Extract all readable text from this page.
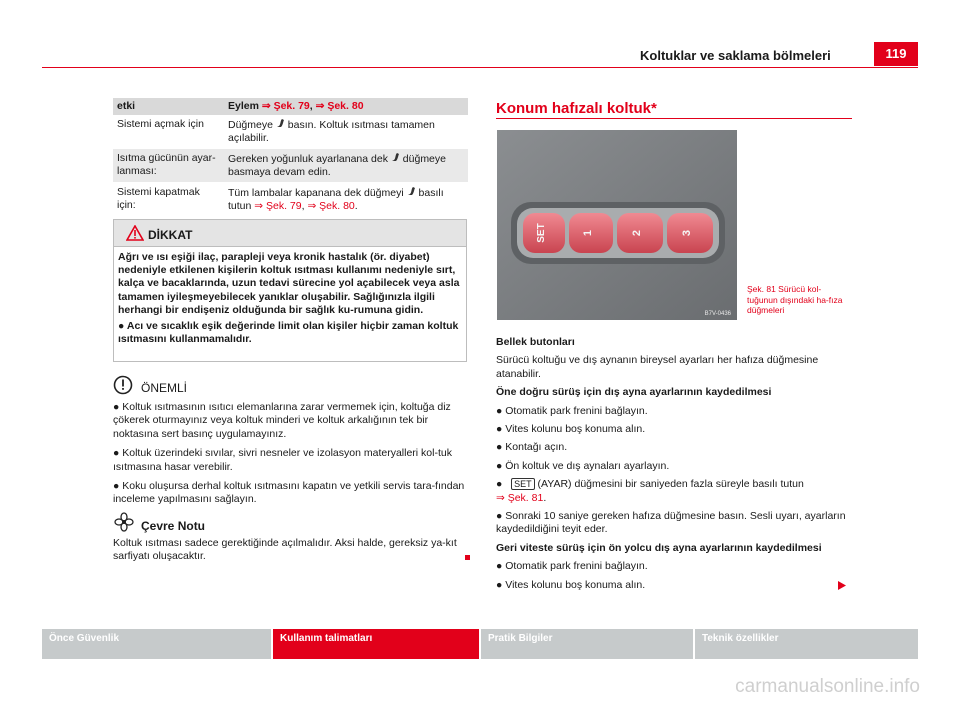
Koltuklar ve saklama bölmeleri	119
etki	Eylem ⇒ Şek. 79, ⇒ Şek. 80
Sistemi açmak için	Düğmeye basın. Koltuk ısıtması tamamen açılabilir.
Isıtma gücünün ayar-lanması:	Gereken yoğunluk ayarlanana dek düğmeye basmaya devam edin.
Sistemi kapatmak için:	Tüm lambalar kapanana dek düğmeyi basılı tutun ⇒ Şek. 79, ⇒ Şek. 80.
DİKKAT

Ağrı ve ısı eşiği ilaç, parapleji veya kronik hastalık (ör. diyabet) nedeniyle etkilenen kişilerin koltuk ısıtması kullanımı nedeniyle sırt, kalça ve bacaklarında, uzun tedavi sürecine yol açabilecek veya asla tamamen iyileşmeyebilecek yanıklar oluşabilir. Sağlığınızla ilgili herhangi bir endişeniz olduğunda bir sağlık ku-rumuna gidin.

● Acı ve sıcaklık eşik değerinde limit olan kişiler hiçbir zaman koltuk ısıtmasını kullanmamalıdır.

ÖNEMLİ

● Koltuk ısıtmasının ısıtıcı elemanlarına zarar vermemek için, koltuğa diz çökerek oturmayınız veya koltuk minderi ve koltuk arkalığının tek bir noktasına sert basınç uygulamayınız.

● Koltuk üzerindeki sıvılar, sivri nesneler ve izolasyon materyalleri kol-tuk ısıtmasına hasar verebilir.

● Koku oluşursa derhal koltuk ısıtmasını kapatın ve yetkili servis tara-fından inceleme yapılmasını sağlayın.

Çevre Notu
Koltuk ısıtması sadece gerektiğinde açılmalıdır. Aksi halde, gereksiz ya-kıt sarfiyatı oluşacaktır.
Konum hafızalı koltuk*
SET	1	2	3
B7V-0436
Şek. 81 Sürücü kol-tuğunun dışındaki ha-fıza düğmeleri

Bellek butonları

Sürücü koltuğu ve dış aynanın bireysel ayarları her hafıza düğmesine atanabilir.

Öne doğru sürüş için dış ayna ayarlarının kaydedilmesi

● Otomatik park frenini bağlayın.

● Vites kolunu boş konuma alın.

● Kontağı açın.

● Ön koltuk ve dış aynaları ayarlayın.

●   SET (AYAR) düğmesini bir saniyeden fazla süreyle basılı tutun
⇒ Şek. 81.

● Sonraki 10 saniye gereken hafıza düğmesine basın. Sesli uyarı, ayarların kaydedildiğini teyit eder.

Geri viteste sürüş için ön yolcu dış ayna ayarlarının kaydedilmesi

● Otomatik park frenini bağlayın.

● Vites kolunu boş konuma alın.

Önce Güvenlik	Kullanım talimatları	Pratik Bilgiler	Teknik özellikler
carmanualsonline.info
